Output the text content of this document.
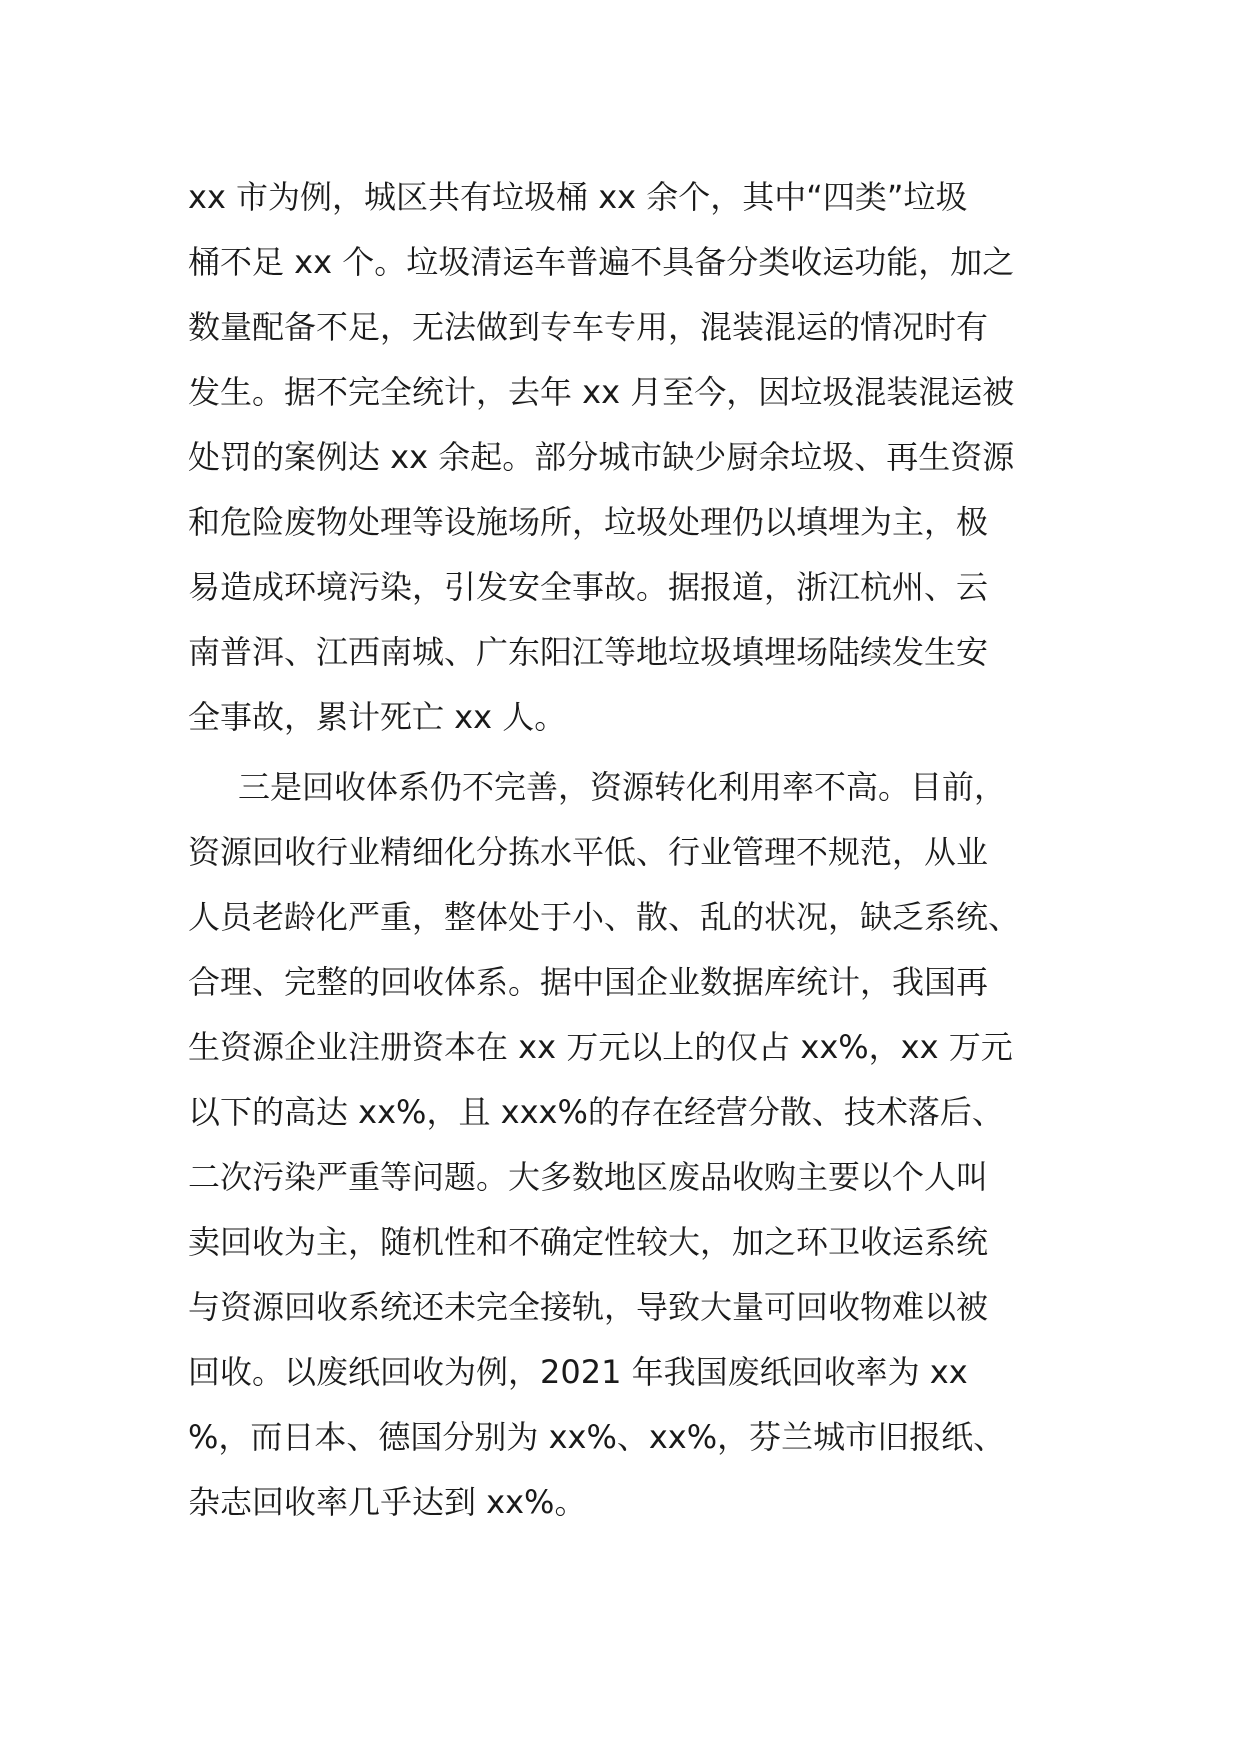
xx 市为例，城区共有垃圾桶 xx 余个，其中“四类”垃圾
桶不足 xx 个。垃圾清运车普遍不具备分类收运功能，加之
数量配备不足，无法做到专车专用，混装混运的情况时有
发生。据不完全统计，去年 xx 月至今，因垃圾混装混运被
处罚的案例达 xx 余起。部分城市缺少厨余垃圾、再生资源
和危险废物处理等设施场所，垃圾处理仍以填埋为主，极
易造成环境污染，引发安全事故。据报道，浙江杭州、云
南普洱、江西南城、广东阳江等地垃圾填埋场陆续发生安
全事故，累计死亡 xx 人。
三是回收体系仍不完善，资源转化利用率不高。目前，
资源回收行业精细化分拣水平低、行业管理不规范，从业
人员老龄化严重，整体处于小、散、乱的状况，缺乏系统、
合理、完整的回收体系。据中国企业数据库统计，我国再
生资源企业注册资本在 xx 万元以上的仅占 xx%，xx 万元
以下的高达 xx%，且 xxx%的存在经营分散、技术落后、
二次污染严重等问题。大多数地区废品收购主要以个人叫
卖回收为主，随机性和不确定性较大，加之环卫收运系统
与资源回收系统还未完全接轨，导致大量可回收物难以被
回收。以废纸回收为例，2021 年我国废纸回收率为 xx
%，而日本、德国分别为 xx%、xx%，芬兰城市旧报纸、
杂志回收率几乎达到 xx%。
